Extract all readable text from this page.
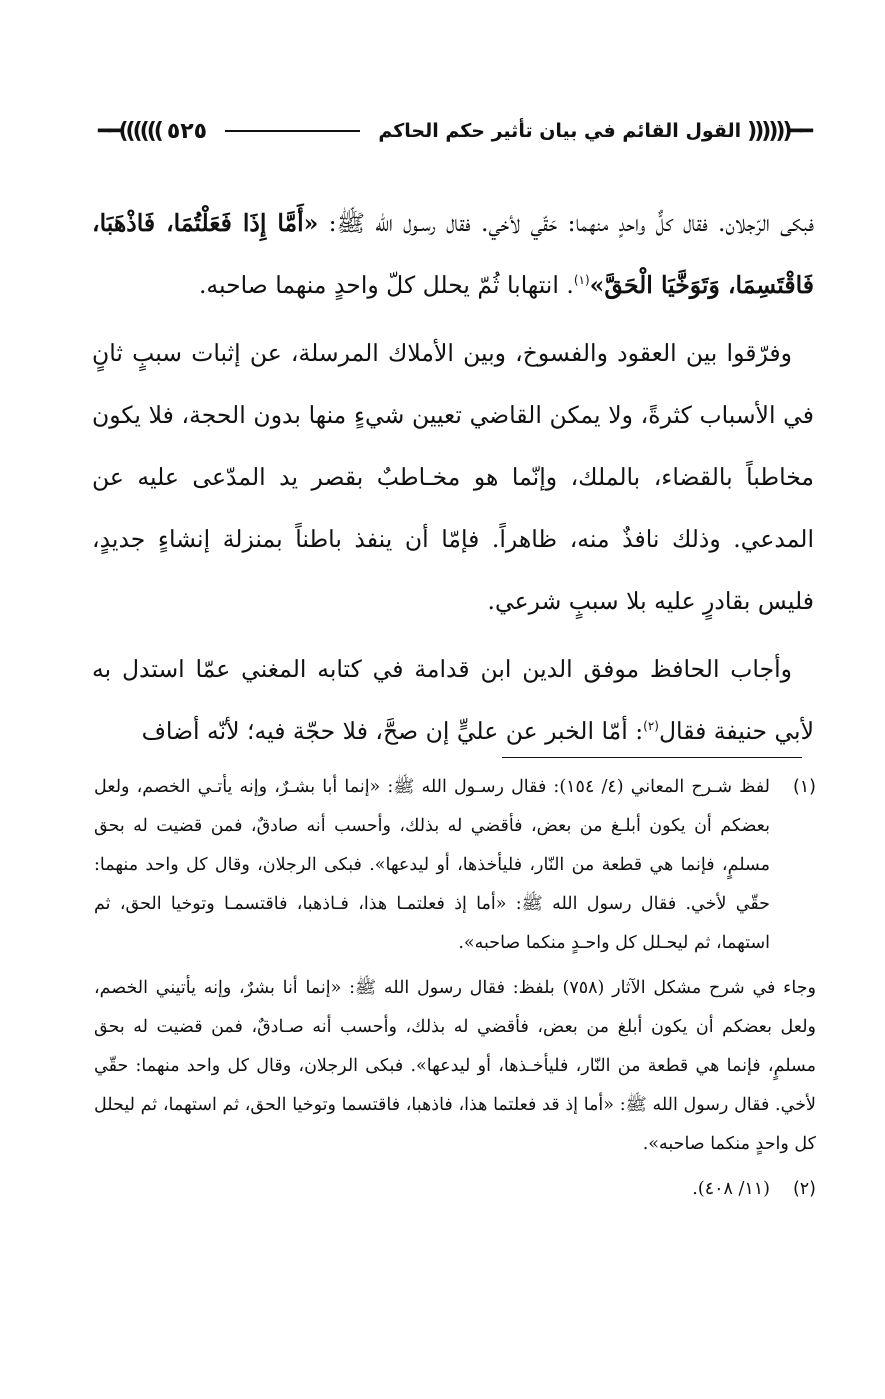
━━((((((
القول القائم في بيان تأثير حكم الحاكم
٥٢٥
))))))━━

فبكى الرّجلان. فقال كلٌّ واحدٍ منهما: حَقّي لأخي. فقال رسـول الله ﷺ: «أَمَّا إِذَا فَعَلْتُمَا، فَاذْهَبَا، فَاقْتَسِمَا، وَتَوَخَّيَا الْحَقَّ»$^{(١)}$. انتهابا ثُمّ يحلل كلّ واحدٍ منهما صاحبه.

وفرّقوا بين العقود والفسوخ، وبين الأملاك المرسلة، عن إثبات سببٍ ثانٍ في الأسباب كثرةً، ولا يمكن القاضي تعيين شيءٍ منها بدون الحجة، فلا يكون مخاطباً بالقضاء، بالملك، وإنّما هو مخـاطبٌ بقصر يد المدّعى عليه عن المدعي. وذلك نافذٌ منه، ظاهراً. فإمّا أن ينفذ باطناً بمنزلة إنشاءٍ جديدٍ، فليس بقادرٍ عليه بلا سببٍ شرعي.

وأجاب الحافظ موفق الدين ابن قدامة في كتابه المغني عمّا استدل به لأبي حنيفة فقال$^{(٢)}$: أمّا الخبر عن عليٍّ إن صحَّ، فلا حجّة فيه؛ لأنّه أضاف

(١)
لفظ شـرح المعاني (٤/ ١٥٤): فقال رسـول الله ﷺ: «إنما أبا بشـرٌ، وإنه يأتـي الخصم، ولعل بعضكم أن يكون أبلـغ من بعض، فأقضي له بذلك، وأحسب أنه صادقٌ، فمن قضيت له بحق مسلمٍ، فإنما هي قطعة من النّار، فليأخذها، أو ليدعها». فبكى الرجلان، وقال كل واحد منهما: حقّي لأخي. فقال رسول الله ﷺ: «أما إذ فعلتمـا هذا، فـاذهبا، فاقتسمـا وتوخيا الحق، ثم استهما، ثم ليحـلل كل واحـدٍ منكما صاحبه».
وجاء في شرح مشكل الآثار (٧٥٨) بلفظ: فقال رسول الله ﷺ: «إنما أنا بشرٌ، وإنه يأتيني الخصم، ولعل بعضكم أن يكون أبلغ من بعض، فأقضي له بذلك، وأحسب أنه صـادقٌ، فمن قضيت له بحق مسلمٍ، فإنما هي قطعة من النّار، فليأخـذها، أو ليدعها». فبكى الرجلان، وقال كل واحد منهما: حقّي لأخي. فقال رسول الله ﷺ: «أما إذ قد فعلتما هذا، فاذهبا، فاقتسما وتوخيا الحق، ثم استهما، ثم ليحلل كل واحدٍ منكما صاحبه».
(٢)
(١١/ ٤٠٨).
